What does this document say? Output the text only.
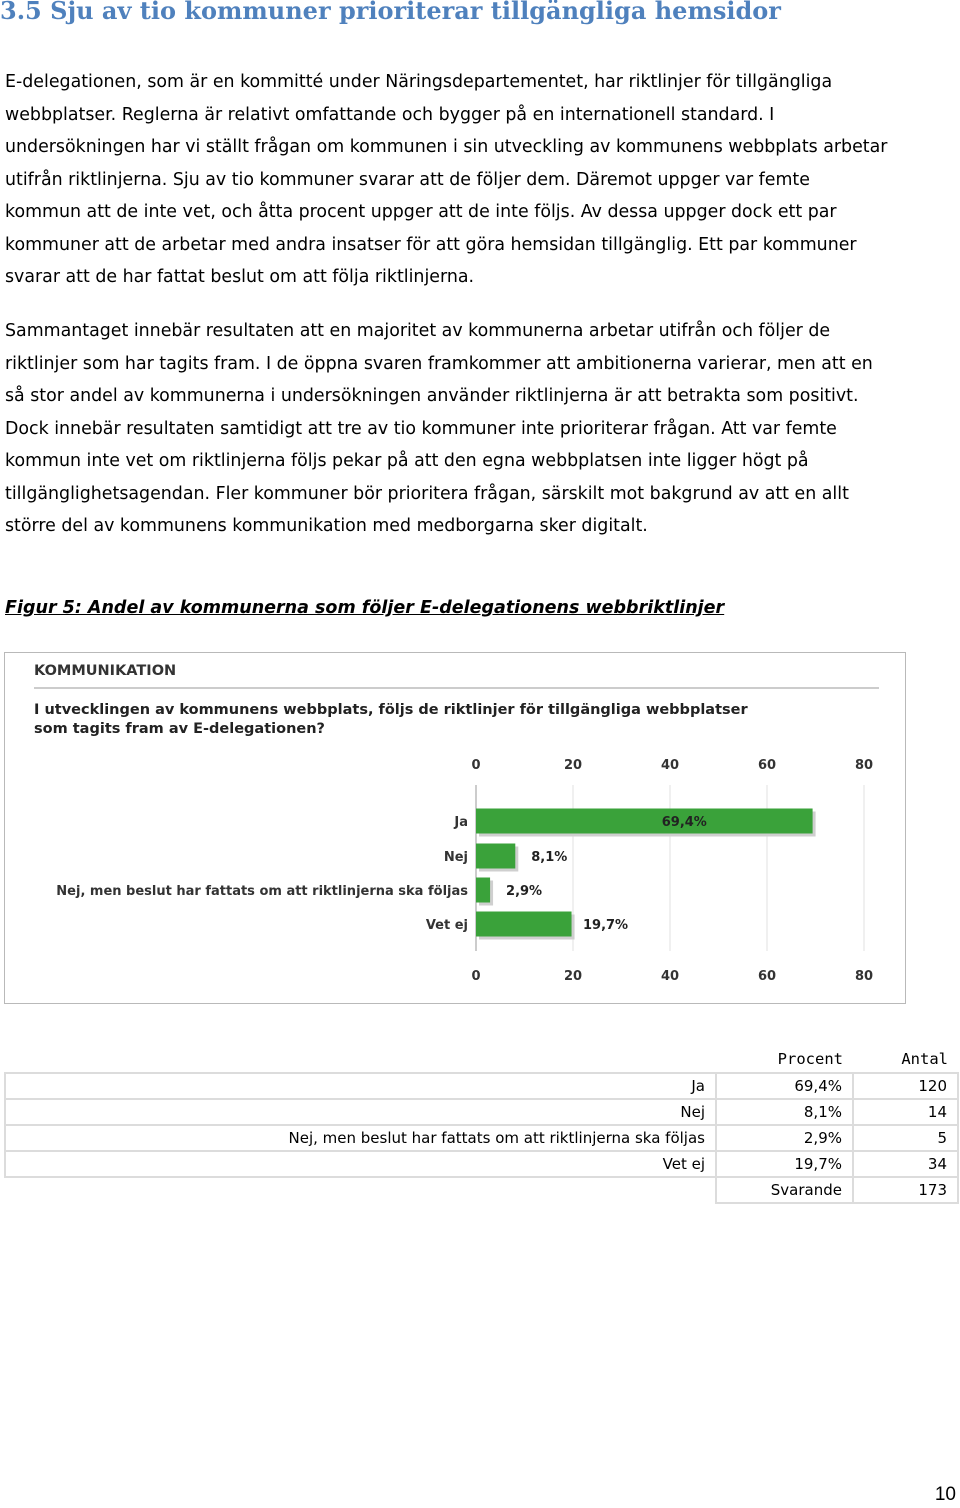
3.5 Sju av tio kommuner prioriterar tillgängliga hemsidor
E-delegationen, som är en kommitté under Näringsdepartementet, har riktlinjer för tillgängliga
webbplatser. Reglerna är relativt omfattande och bygger på en internationell standard. I
undersökningen har vi ställt frågan om kommunen i sin utveckling av kommunens webbplats arbetar
utifrån riktlinjerna. Sju av tio kommuner svarar att de följer dem. Däremot uppger var femte
kommun att de inte vet, och åtta procent uppger att de inte följs. Av dessa uppger dock ett par
kommuner att de arbetar med andra insatser för att göra hemsidan tillgänglig. Ett par kommuner
svarar att de har fattat beslut om att följa riktlinjerna.
Sammantaget innebär resultaten att en majoritet av kommunerna arbetar utifrån och följer de
riktlinjer som har tagits fram. I de öppna svaren framkommer att ambitionerna varierar, men att en
så stor andel av kommunerna i undersökningen använder riktlinjerna är att betrakta som positivt.
Dock innebär resultaten samtidigt att tre av tio kommuner inte prioriterar frågan. Att var femte
kommun inte vet om riktlinjerna följs pekar på att den egna webbplatsen inte ligger högt på
tillgänglighetsagendan. Fler kommuner bör prioritera frågan, särskilt mot bakgrund av att en allt
större del av kommunens kommunikation med medborgarna sker digitalt.

Figur 5: Andel av kommunerna som följer E-delegationens webbriktlinjer

KOMMUNIKATION

I utvecklingen av kommunens webbplats, följs de riktlinjer för tillgängliga webbplatser
som tagits fram av E-delegationen?

0
0
20
20
40
40
60
60
80
80
Ja	69,4%
Nej	8,1%
Nej, men beslut har fattats om att riktlinjerna ska följas	2,9%
Vet ej	19,7%
	Procent	Antal
Ja	69,4%	120
Nej	8,1%	14
Nej, men beslut har fattats om att riktlinjerna ska följas	2,9%	5
Vet ej	19,7%	34
	Svarande	173

10
